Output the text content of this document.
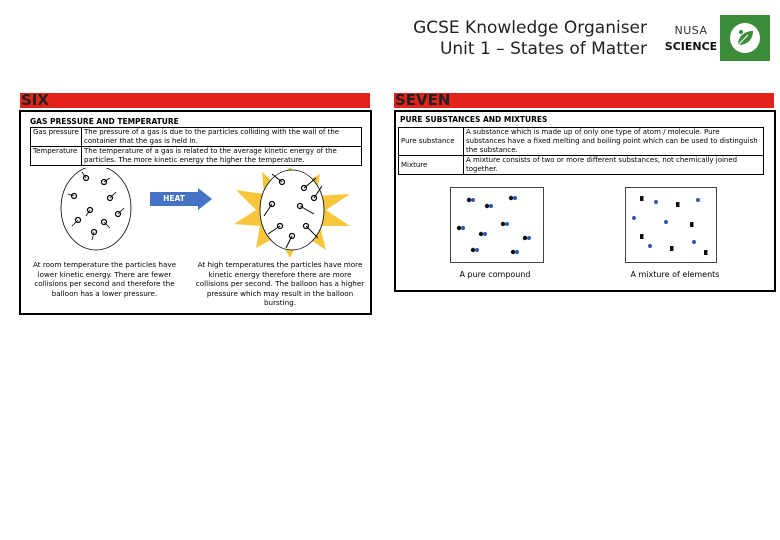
GCSE Knowledge Organiser
Unit 1 – States of Matter
NUSA
SCIENCE
SIX	SEVEN
GAS PRESSURE AND TEMPERATURE
Gas pressure	The pressure of a gas is due to the particles colliding with the wall of the container that the gas is held in.
Temperature	The temperature of a gas is related to the average kinetic energy of the particles. The more kinetic energy the higher the temperature.
HEAT
At room temperature the particles have lower kinetic energy. There are fewer collisions per second and therefore the balloon has a lower pressure.
At high temperatures the particles have more kinetic energy therefore there are more collisions per second. The balloon has a higher pressure which may result in the balloon bursting.
PURE SUBSTANCES AND MIXTURES
Pure substance	A substance which is made up of only one type of atom / molecule. Pure substances have a fixed melting and boiling point which can be used to distinguish the substance.
Mixture	A mixture consists of two or more different substances, not chemically joined together.
A pure compound	A mixture of elements
